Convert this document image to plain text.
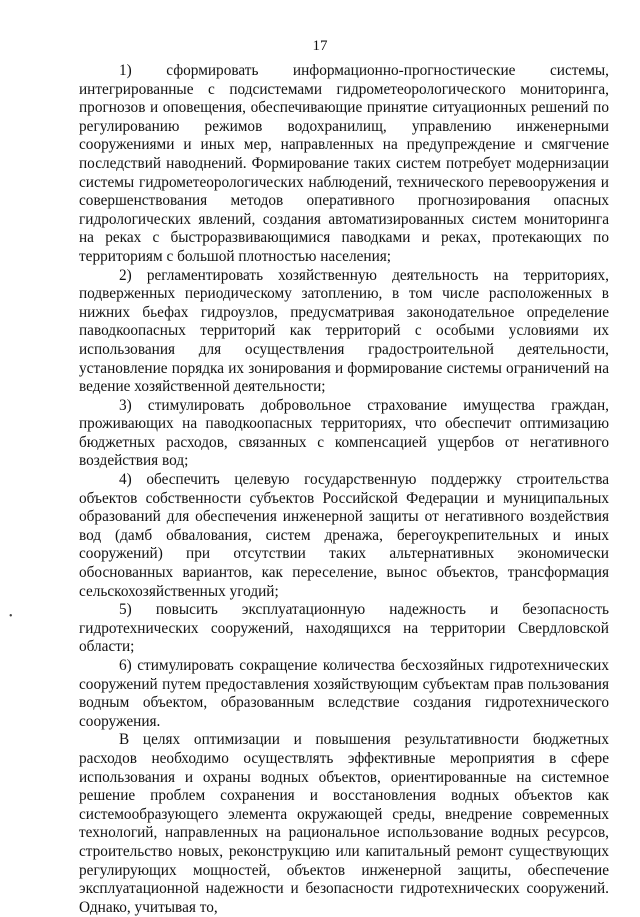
17

1) сформировать информационно-прогностические системы, интегрированные с подсистемами гидрометеорологического мониторинга, прогнозов и оповещения, обеспечивающие принятие ситуационных решений по регулированию режимов водохранилищ, управлению инженерными сооружениями и иных мер, направленных на предупреждение и смягчение последствий наводнений. Формирование таких систем потребует модернизации системы гидрометеорологических наблюдений, технического перевооружения и совершенствования методов оперативного прогнозирования опасных гидрологических явлений, создания автоматизированных систем мониторинга на реках с быстроразвивающимися паводками и реках, протекающих по территориям с большой плотностью населения;

2) регламентировать хозяйственную деятельность на территориях, подверженных периодическому затоплению, в том числе расположенных в нижних бьефах гидроузлов, предусматривая законодательное определение паводкоопасных территорий как территорий с особыми условиями их использования для осуществления градостроительной деятельности, установление порядка их зонирования и формирование системы ограничений на ведение хозяйственной деятельности;

3) стимулировать добровольное страхование имущества граждан, проживающих на паводкоопасных территориях, что обеспечит оптимизацию бюджетных расходов, связанных с компенсацией ущербов от негативного воздействия вод;

4) обеспечить целевую государственную поддержку строительства объектов собственности субъектов Российской Федерации и муниципальных образований для обеспечения инженерной защиты от негативного воздействия вод (дамб обвалования, систем дренажа, берегоукрепительных и иных сооружений) при отсутствии таких альтернативных экономически обоснованных вариантов, как переселение, вынос объектов, трансформация сельскохозяйственных угодий;

5) повысить эксплуатационную надежность и безопасность гидротехнических сооружений, находящихся на территории Свердловской области;

6) стимулировать сокращение количества бесхозяйных гидротехнических сооружений путем предоставления хозяйствующим субъектам прав пользования водным объектом, образованным вследствие создания гидротехнического сооружения.

В целях оптимизации и повышения результативности бюджетных расходов необходимо осуществлять эффективные мероприятия в сфере использования и охраны водных объектов, ориентированные на системное решение проблем сохранения и восстановления водных объектов как системообразующего элемента окружающей среды, внедрение современных технологий, направленных на рациональное использование водных ресурсов, строительство новых, реконструкцию или капитальный ремонт существующих регулирующих мощностей, объектов инженерной защиты, обеспечение эксплуатационной надежности и безопасности гидротехнических сооружений. Однако, учитывая то,

•
